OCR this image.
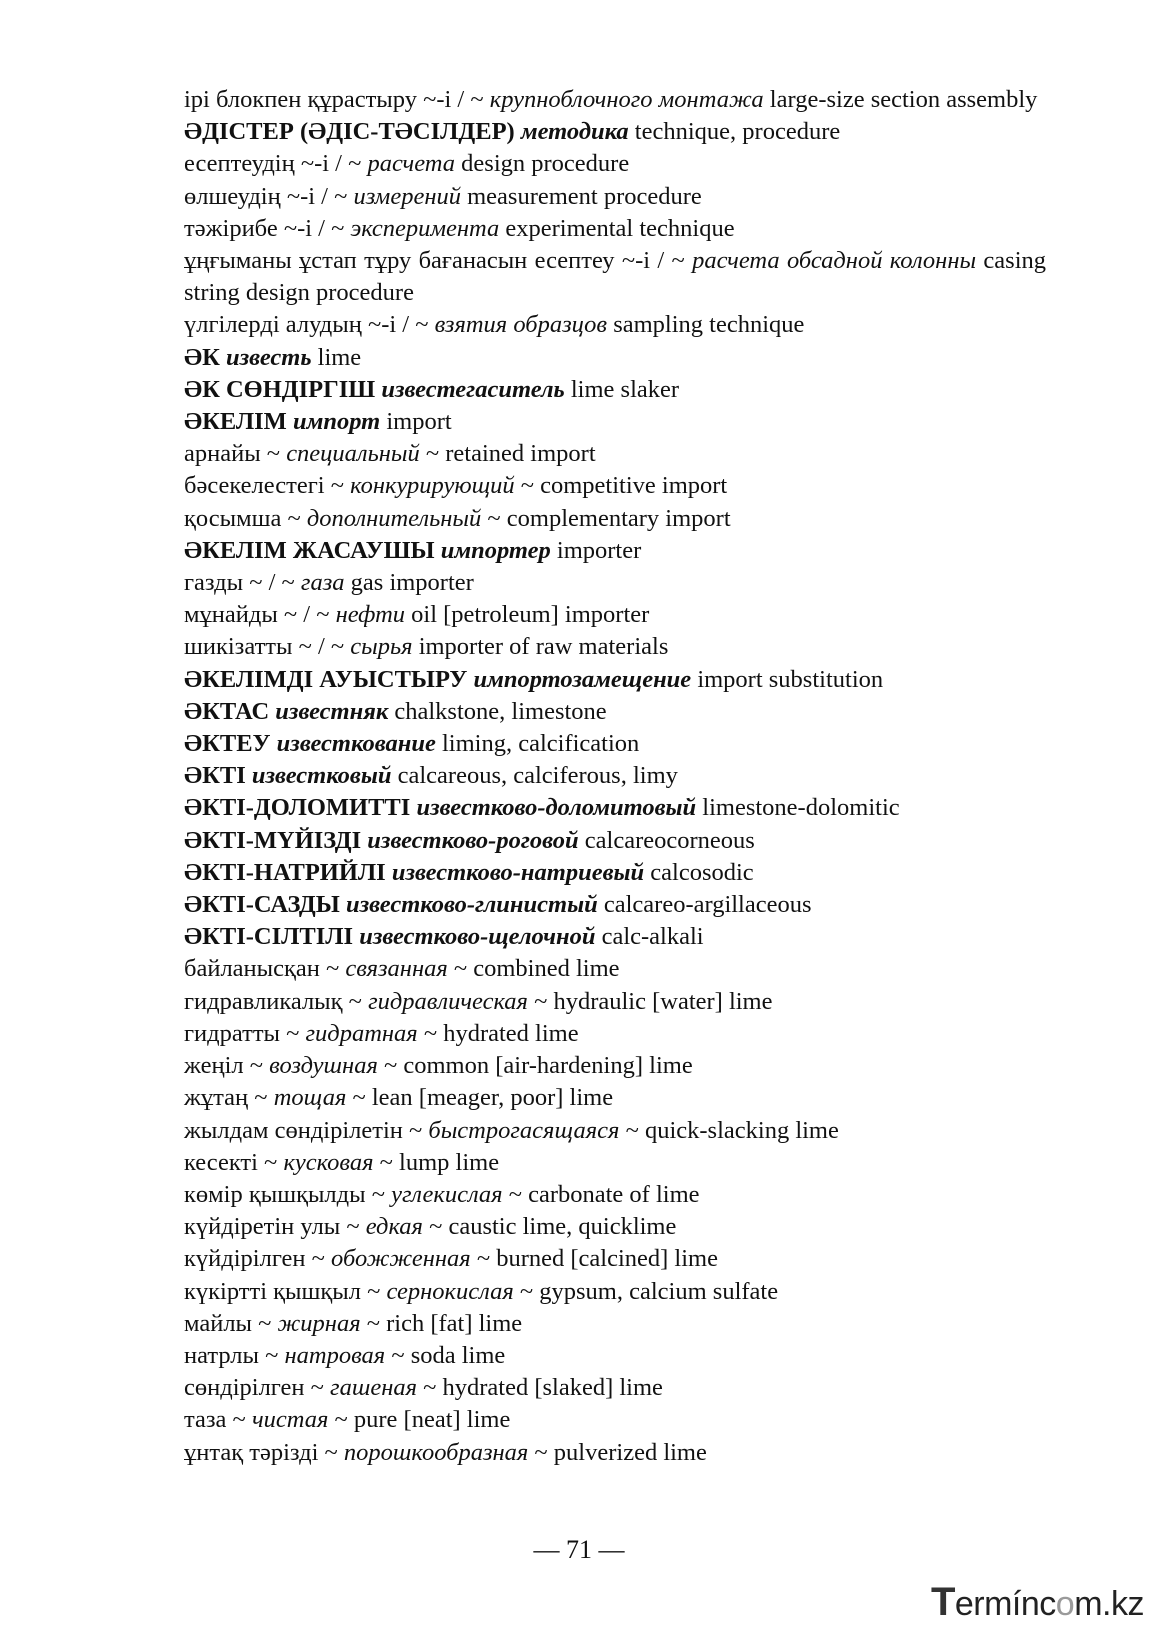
ірі блокпен құрастыру ~-і / ~ крупноблочного монтажа large-size section assembly
ӘДІСТЕР (ӘДІС-ТӘСІЛДЕР) методика technique, procedure
есептеудің ~-і / ~ расчета design procedure
өлшеудің ~-і / ~ измерений measurement procedure
тәжірибе ~-і / ~ эксперимента experimental technique
ұңғыманы ұстап тұру бағанасын есептеу ~-і / ~ расчета обсадной колонны casing string design procedure
үлгілерді алудың ~-і / ~ взятия образцов sampling technique
ӘК известь lime
ӘК СӨНДІРГІШ известегаситель lime slaker
ӘКЕЛІМ импорт import
арнайы ~ специальный ~ retained import
бәсекелестегі ~ конкурирующий ~ competitive import
қосымша ~ дополнительный ~ complementary import
ӘКЕЛІМ ЖАСАУШЫ импортер importer
газды ~ / ~ газа gas importer
мұнайды ~ / ~ нефти oil [petroleum] importer
шикізатты ~ / ~ сырья importer of raw materials
ӘКЕЛІМДІ АУЫСТЫРУ импортозамещение import substitution
ӘКТАС известняк chalkstone, limestone
ӘКТЕУ известкование liming, calcification
ӘКТІ известковый calcareous, calciferous, limy
ӘКТІ-ДОЛОМИТТІ известково-доломитовый limestone-dolomitic
ӘКТІ-МҮЙІЗДІ известково-роговой calcareocorneous
ӘКТІ-НАТРИЙЛІ известково-натриевый calcosodic
ӘКТІ-САЗДЫ известково-глинистый calcareo-argillaceous
ӘКТІ-СІЛТІЛІ известково-щелочной calc-alkali
байланысқан ~ связанная ~ combined lime
гидравликалық ~ гидравлическая ~ hydraulic [water] lime
гидратты ~ гидратная ~ hydrated lime
жеңіл ~ воздушная ~ common [air-hardening] lime
жұтаң ~ тощая ~ lean [meager, poor] lime
жылдам сөндірілетін ~ быстрогасящаяся ~ quick-slacking lime
кесекті ~ кусковая ~ lump lime
көмір қышқылды ~ углекислая ~ carbonate of lime
күйдіретін улы ~ едкая ~ caustic lime, quicklime
күйдірілген ~ обожженная ~ burned [calcined] lime
күкіртті қышқыл ~ сернокислая ~ gypsum, calcium sulfate
майлы ~ жирная ~ rich [fat] lime
натрлы ~ натровая ~ soda lime
сөндірілген ~ гашеная ~ hydrated [slaked] lime
таза ~ чистая ~ pure [neat] lime
ұнтақ тәрізді ~ порошкообразная ~ pulverized lime
— 71 —
Termíncom.kz
